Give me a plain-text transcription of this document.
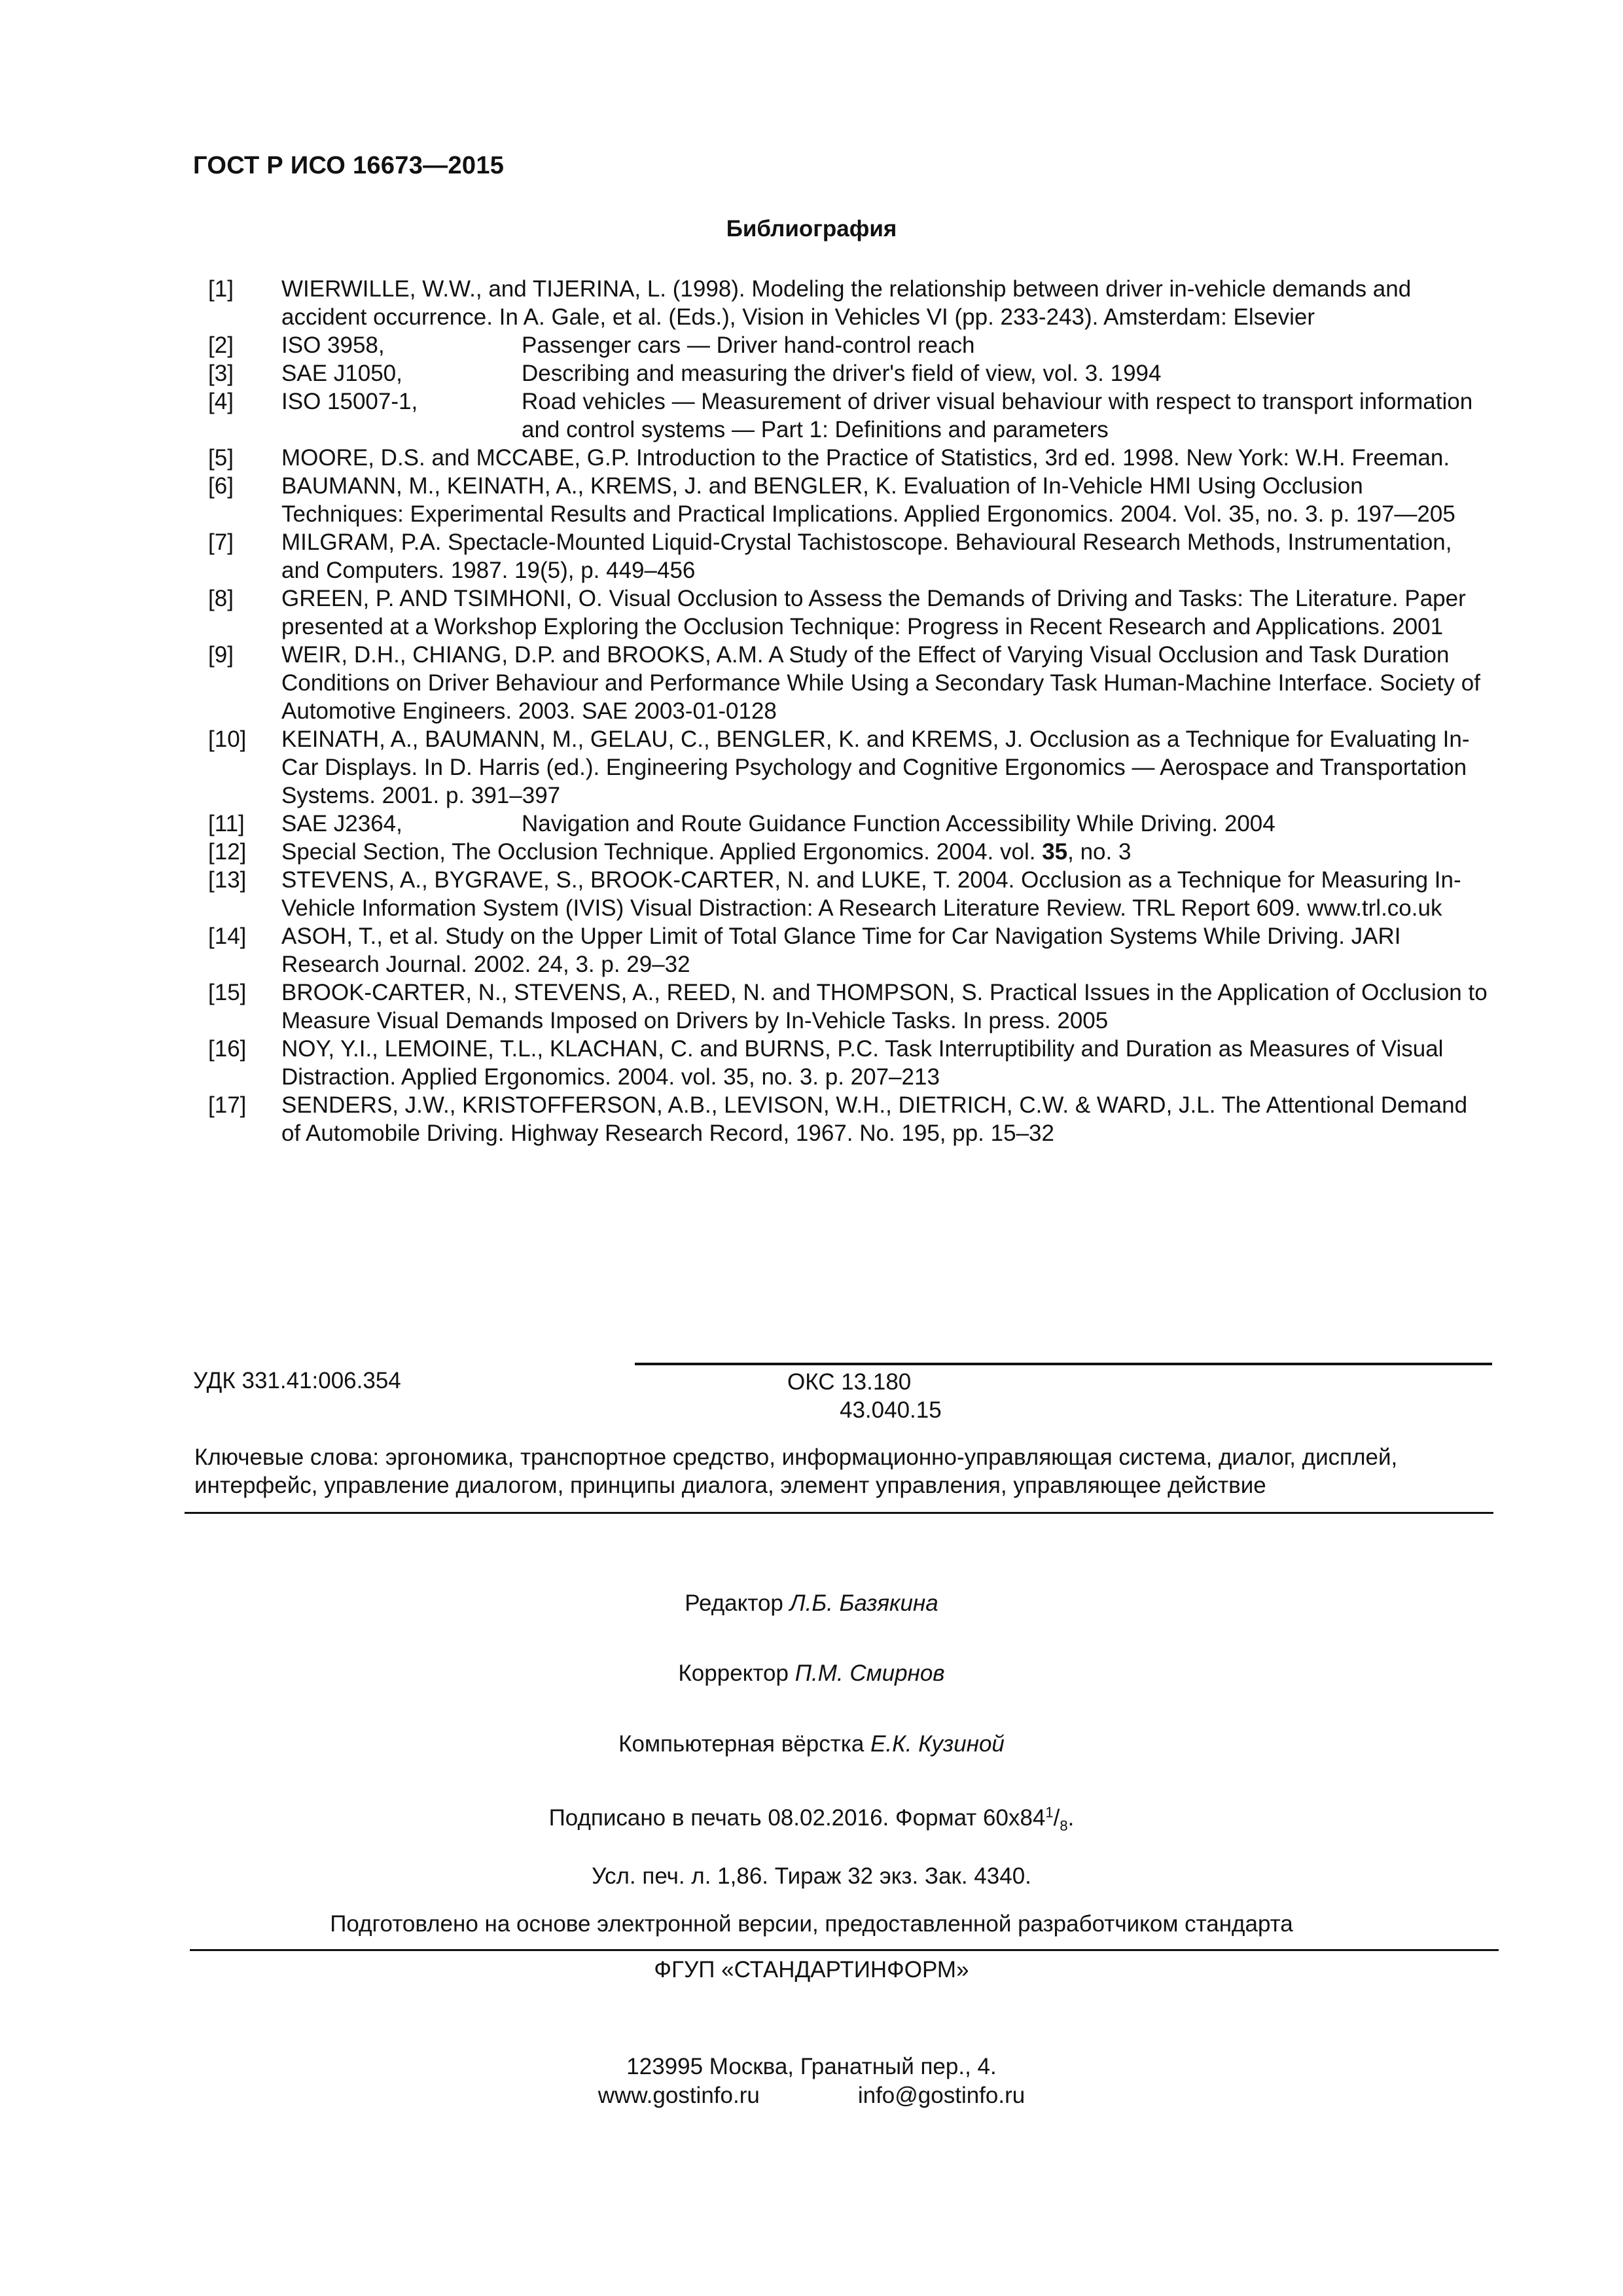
ГОСТ Р ИСО 16673—2015
Библиография
[1]	WIERWILLE, W.W., and TIJERINA, L. (1998). Modeling the relationship between driver in-vehicle demands and accident occurrence. In A. Gale, et al. (Eds.), Vision in Vehicles VI (pp. 233-243). Amsterdam: Elsevier
[2]	ISO 3958,	Passenger cars — Driver hand-control reach
[3]	SAE J1050,	Describing and measuring the driver's field of view, vol. 3. 1994
[4]	ISO 15007-1,	Road vehicles — Measurement of driver visual behaviour with respect to transport information and control systems — Part 1: Definitions and parameters
[5]	MOORE, D.S. and MCCABE, G.P. Introduction to the Practice of Statistics, 3rd ed. 1998. New York: W.H. Freeman.
[6]	BAUMANN, M., KEINATH, A., KREMS, J. and BENGLER, K. Evaluation of In-Vehicle HMI Using Occlusion Techniques: Experimental Results and Practical Implications. Applied Ergonomics. 2004. Vol. 35, no. 3. p. 197—205
[7]	MILGRAM, P.A. Spectacle-Mounted Liquid-Crystal Tachistoscope. Behavioural Research Methods, Instrumentation, and Computers. 1987. 19(5), p. 449–456
[8]	GREEN, P. AND TSIMHONI, O. Visual Occlusion to Assess the Demands of Driving and Tasks: The Literature. Paper presented at a Workshop Exploring the Occlusion Technique: Progress in Recent Research and Applications. 2001
[9]	WEIR, D.H., CHIANG, D.P. and BROOKS, A.M. A Study of the Effect of Varying Visual Occlusion and Task Duration Conditions on Driver Behaviour and Performance While Using a Secondary Task Human-Machine Interface. Society of Automotive Engineers. 2003. SAE 2003-01-0128
[10]	KEINATH, A., BAUMANN, M., GELAU, C., BENGLER, K. and KREMS, J. Occlusion as a Technique for Evaluating In-Car Displays. In D. Harris (ed.). Engineering Psychology and Cognitive Ergonomics — Aerospace and Transportation Systems. 2001. p. 391–397
[11]	SAE J2364,	Navigation and Route Guidance Function Accessibility While Driving. 2004
[12]	Special Section, The Occlusion Technique. Applied Ergonomics. 2004. vol. 35, no. 3
[13]	STEVENS, A., BYGRAVE, S., BROOK-CARTER, N. and LUKE, T. 2004. Occlusion as a Technique for Measuring In-Vehicle Information System (IVIS) Visual Distraction: A Research Literature Review. TRL Report 609. www.trl.co.uk
[14]	ASOH, T., et al. Study on the Upper Limit of Total Glance Time for Car Navigation Systems While Driving. JARI Research Journal. 2002. 24, 3. p. 29–32
[15]	BROOK-CARTER, N., STEVENS, A., REED, N. and THOMPSON, S. Practical Issues in the Application of Occlusion to Measure Visual Demands Imposed on Drivers by In-Vehicle Tasks. In press. 2005
[16]	NOY, Y.I., LEMOINE, T.L., KLACHAN, C. and BURNS, P.C. Task Interruptibility and Duration as Measures of Visual Distraction. Applied Ergonomics. 2004. vol. 35, no. 3. p. 207–213
[17]	SENDERS, J.W., KRISTOFFERSON, A.B., LEVISON, W.H., DIETRICH, C.W. & WARD, J.L. The Attentional Demand of Automobile Driving. Highway Research Record, 1967. No. 195, pp. 15–32
УДК 331.41:006.354	ОКС 13.180
43.040.15
Ключевые слова: эргономика, транспортное средство, информационно-управляющая система, диалог, дисплей, интерфейс, управление диалогом, принципы диалога, элемент управления, управляющее действие
Редактор Л.Б. Базякина
Корректор П.М. Смирнов
Компьютерная вёрстка Е.К. Кузиной
Подписано в печать 08.02.2016. Формат $60x84^1/_8$.
Усл. печ. л. 1,86. Тираж 32 экз. Зак. 4340.
Подготовлено на основе электронной версии, предоставленной разработчиком стандарта
ФГУП «СТАНДАРТИНФОРМ»
123995 Москва, Гранатный пер., 4.
www.gostinfo.ru	info@gostinfo.ru
